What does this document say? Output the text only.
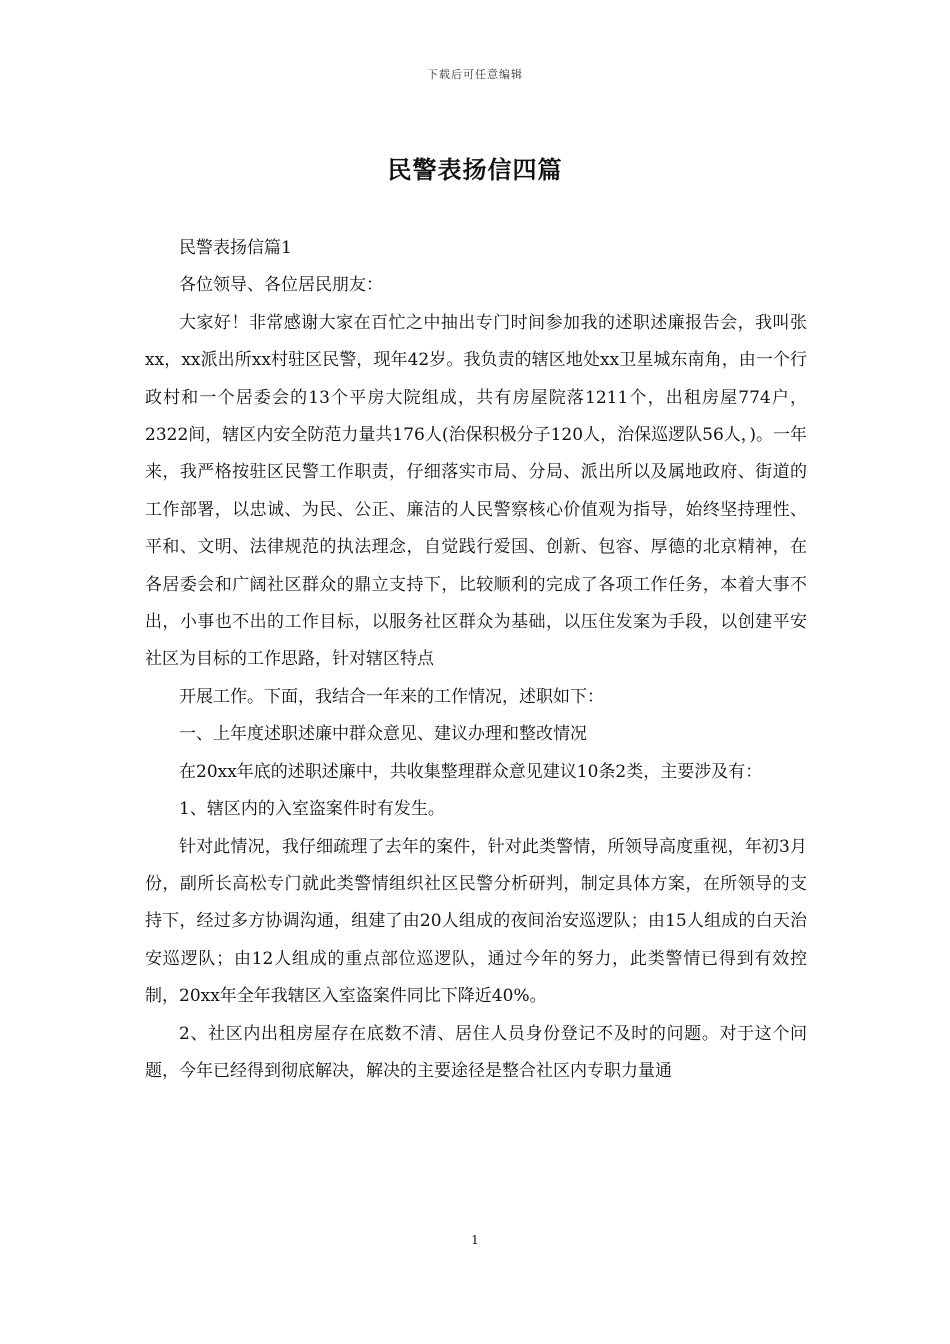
下载后可任意编辑
民警表扬信四篇

民警表扬信篇1

各位领导、各位居民朋友：

大家好！非常感谢大家在百忙之中抽出专门时间参加我的述职述廉报告会，我叫张xx，xx派出所xx村驻区民警，现年42岁。我负责的辖区地处xx卫星城东南角，由一个行政村和一个居委会的13个平房大院组成，共有房屋院落1211个，出租房屋774户，2322间，辖区内安全防范力量共176人(治保积极分子120人，治保巡逻队56人，)。一年来，我严格按驻区民警工作职责，仔细落实市局、分局、派出所以及属地政府、街道的工作部署，以忠诚、为民、公正、廉洁的人民警察核心价值观为指导，始终坚持理性、平和、文明、法律规范的执法理念，自觉践行爱国、创新、包容、厚德的北京精神，在各居委会和广阔社区群众的鼎立支持下，比较顺利的完成了各项工作任务，本着大事不出，小事也不出的工作目标，以服务社区群众为基础，以压住发案为手段，以创建平安社区为目标的工作思路，针对辖区特点

开展工作。下面，我结合一年来的工作情况，述职如下：

一、上年度述职述廉中群众意见、建议办理和整改情况

在20xx年底的述职述廉中，共收集整理群众意见建议10条2类，主要涉及有：

1、辖区内的入室盗案件时有发生。

针对此情况，我仔细疏理了去年的案件，针对此类警情，所领导高度重视，年初3月份，副所长高松专门就此类警情组织社区民警分析研判，制定具体方案，在所领导的支持下，经过多方协调沟通，组建了由20人组成的夜间治安巡逻队；由15人组成的白天治安巡逻队；由12人组成的重点部位巡逻队，通过今年的努力，此类警情已得到有效控制，20xx年全年我辖区入室盗案件同比下降近40%。

2、社区内出租房屋存在底数不清、居住人员身份登记不及时的问题。对于这个问题，今年已经得到彻底解决，解决的主要途径是整合社区内专职力量通

1
